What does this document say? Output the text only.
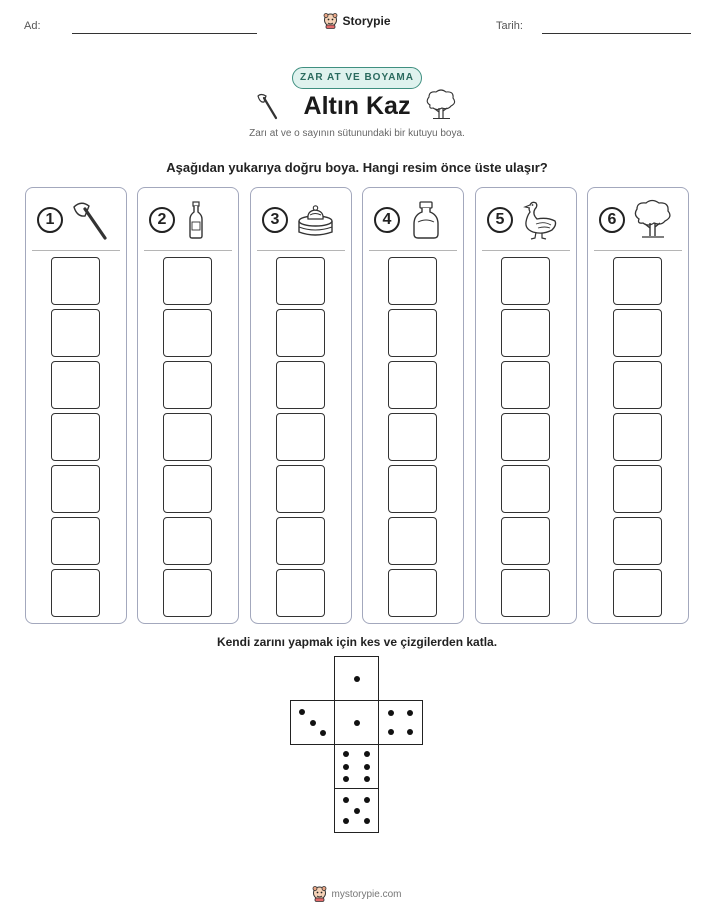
Ad:	Storypie	Tarih:
ZAR AT VE BOYAMA
Altın Kaz
Zarı at ve o sayının sütunundaki bir kutuyu boya.
Aşağıdan yukarıya doğru boya. Hangi resim önce üste ulaşır?
1	2	3	4	5	6
Kendi zarını yapmak için kes ve çizgilerden katla.
mystorypie.com
